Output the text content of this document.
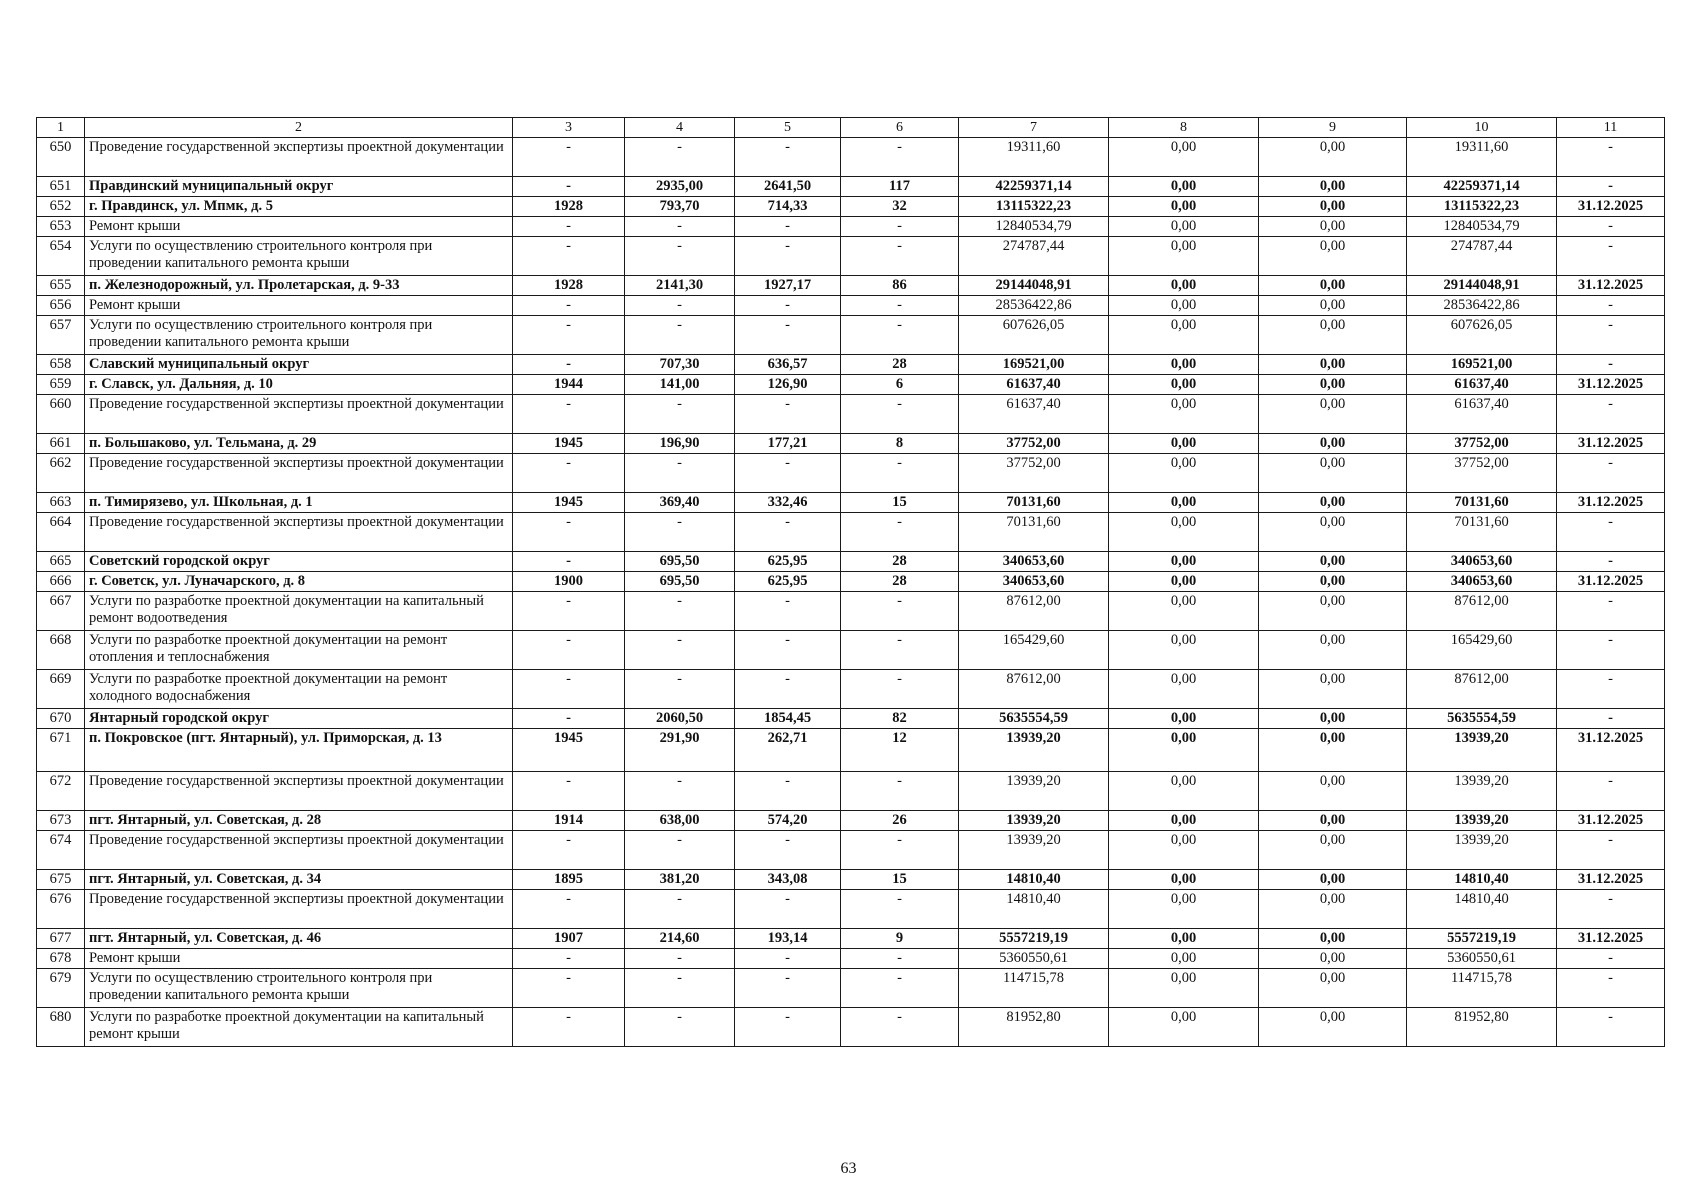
1	2	3	4	5	6	7	8	9	10	11
650	Проведение государственной экспертизы проектной документации	-	-	-	-	19311,60	0,00	0,00	19311,60	-
651	Правдинский муниципальный округ	-	2935,00	2641,50	117	42259371,14	0,00	0,00	42259371,14	-
652	г. Правдинск, ул. Мпмк, д. 5	1928	793,70	714,33	32	13115322,23	0,00	0,00	13115322,23	31.12.2025
653	Ремонт крыши	-	-	-	-	12840534,79	0,00	0,00	12840534,79	-
654	Услуги по осуществлению строительного контроля при проведении капитального ремонта крыши	-	-	-	-	274787,44	0,00	0,00	274787,44	-
655	п. Железнодорожный, ул. Пролетарская, д. 9-33	1928	2141,30	1927,17	86	29144048,91	0,00	0,00	29144048,91	31.12.2025
656	Ремонт крыши	-	-	-	-	28536422,86	0,00	0,00	28536422,86	-
657	Услуги по осуществлению строительного контроля при проведении капитального ремонта крыши	-	-	-	-	607626,05	0,00	0,00	607626,05	-
658	Славский муниципальный округ	-	707,30	636,57	28	169521,00	0,00	0,00	169521,00	-
659	г. Славск, ул. Дальняя, д. 10	1944	141,00	126,90	6	61637,40	0,00	0,00	61637,40	31.12.2025
660	Проведение государственной экспертизы проектной документации	-	-	-	-	61637,40	0,00	0,00	61637,40	-
661	п. Большаково, ул. Тельмана, д. 29	1945	196,90	177,21	8	37752,00	0,00	0,00	37752,00	31.12.2025
662	Проведение государственной экспертизы проектной документации	-	-	-	-	37752,00	0,00	0,00	37752,00	-
663	п. Тимирязево, ул. Школьная, д. 1	1945	369,40	332,46	15	70131,60	0,00	0,00	70131,60	31.12.2025
664	Проведение государственной экспертизы проектной документации	-	-	-	-	70131,60	0,00	0,00	70131,60	-
665	Советский городской округ	-	695,50	625,95	28	340653,60	0,00	0,00	340653,60	-
666	г. Советск, ул. Луначарского, д. 8	1900	695,50	625,95	28	340653,60	0,00	0,00	340653,60	31.12.2025
667	Услуги по разработке проектной документации на капитальный ремонт водоотведения	-	-	-	-	87612,00	0,00	0,00	87612,00	-
668	Услуги по разработке проектной документации на ремонт отопления и теплоснабжения	-	-	-	-	165429,60	0,00	0,00	165429,60	-
669	Услуги по разработке проектной документации на ремонт холодного водоснабжения	-	-	-	-	87612,00	0,00	0,00	87612,00	-
670	Янтарный городской округ	-	2060,50	1854,45	82	5635554,59	0,00	0,00	5635554,59	-
671	п. Покровское (пгт. Янтарный), ул. Приморская, д. 13	1945	291,90	262,71	12	13939,20	0,00	0,00	13939,20	31.12.2025
672	Проведение государственной экспертизы проектной документации	-	-	-	-	13939,20	0,00	0,00	13939,20	-
673	пгт. Янтарный, ул. Советская, д. 28	1914	638,00	574,20	26	13939,20	0,00	0,00	13939,20	31.12.2025
674	Проведение государственной экспертизы проектной документации	-	-	-	-	13939,20	0,00	0,00	13939,20	-
675	пгт. Янтарный, ул. Советская, д. 34	1895	381,20	343,08	15	14810,40	0,00	0,00	14810,40	31.12.2025
676	Проведение государственной экспертизы проектной документации	-	-	-	-	14810,40	0,00	0,00	14810,40	-
677	пгт. Янтарный, ул. Советская, д. 46	1907	214,60	193,14	9	5557219,19	0,00	0,00	5557219,19	31.12.2025
678	Ремонт крыши	-	-	-	-	5360550,61	0,00	0,00	5360550,61	-
679	Услуги по осуществлению строительного контроля при проведении капитального ремонта крыши	-	-	-	-	114715,78	0,00	0,00	114715,78	-
680	Услуги по разработке проектной документации на капитальный ремонт крыши	-	-	-	-	81952,80	0,00	0,00	81952,80	-
63
